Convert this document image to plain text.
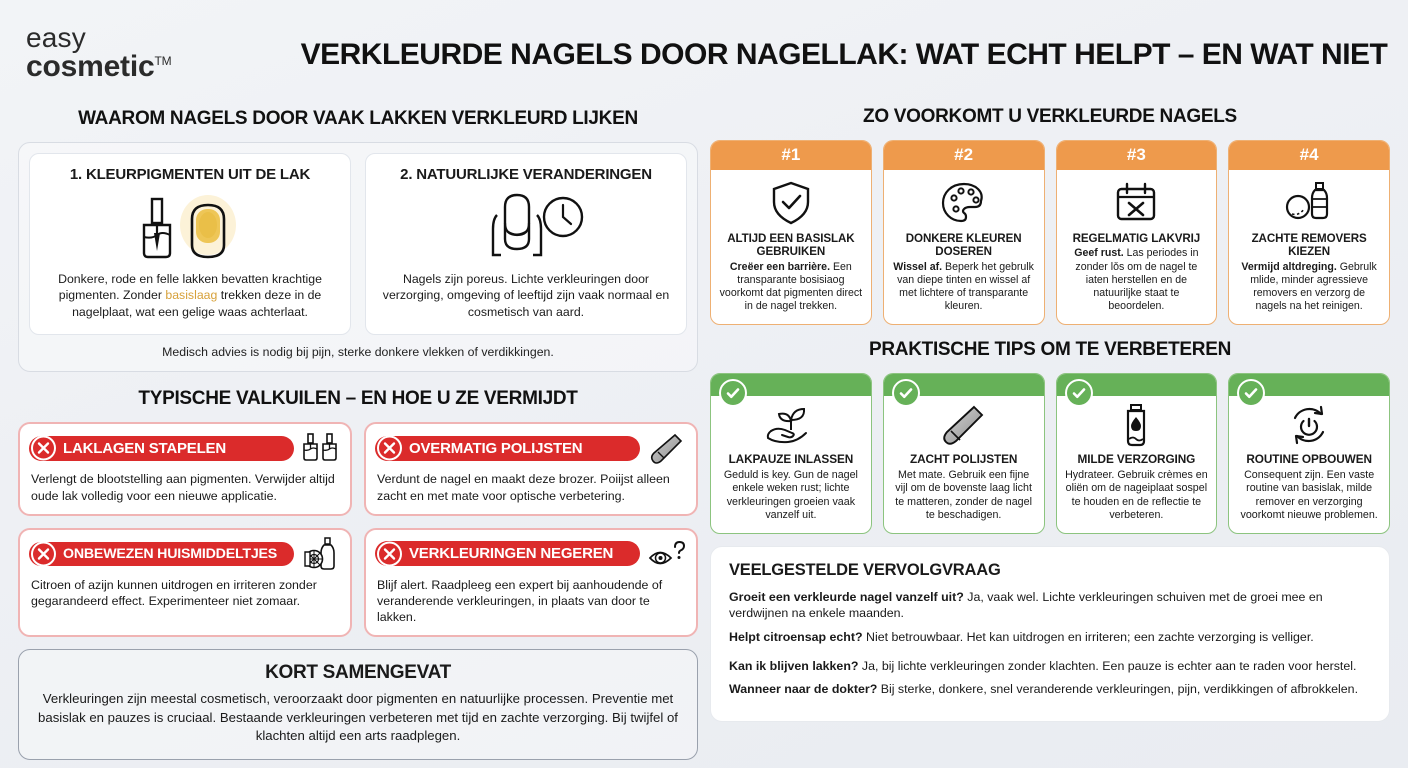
easy
cosmetic™	VERKLEURDE NAGELS DOOR NAGELLAK: WAT ECHT HELPT – EN WAT NIET
WAAROM NAGELS DOOR VAAK LAKKEN VERKLEURD LIJKEN
1. KLEURPIGMENTEN UIT DE LAK

Donkere, rode en felle lakken bevatten krachtige pigmenten. Zonder basislaag trekken deze in de nagelplaat, wat een gelige waas achterlaat.

2. NATUURLIJKE VERANDERINGEN

Nagels zijn poreus. Lichte verkleuringen door verzorging, omgeving of leeftijd zijn vaak normaal en cosmetisch van aard.

Medisch advies is nodig bij pijn, sterke donkere vlekken of verdikkingen.
TYPISCHE VALKUILEN – EN HOE U ZE VERMIJDT
LAKLAGEN STAPELEN

Verlengt de blootstelling aan pigmenten. Verwijder altijd oude lak volledig voor een nieuwe applicatie.

OVERMATIG POLIJSTEN

Verdunt de nagel en maakt deze brozer. Poiijst alleen zacht en met mate voor optische verbetering.

ONBEWEZEN HUISMIDDELTJES

Citroen of azijn kunnen uitdrogen en irriteren zonder gegarandeerd effect. Experimenteer niet zomaar.

VERKLEURINGEN NEGEREN

Blijf alert. Raadpleeg een expert bij aanhoudende of veranderende verkleuringen, in plaats van door te lakken.

KORT SAMENGEVAT

Verkleuringen zijn meestal cosmetisch, veroorzaakt door pigmenten en natuurlijke processen. Preventie met basislak en pauzes is cruciaal. Bestaande verkleuringen verbeteren met tijd en zachte verzorging. Bij twijfel of klachten altijd een arts raadplegen.

ZO VOORKOMT U VERKLEURDE NAGELS
#1
ALTIJD EEN BASISLAK GEBRUIKEN

Creëer een barrière. Een transparante bosisiaog voorkomt dat pigmenten direct in de nagel trekken.

#2
DONKERE KLEUREN DOSEREN

Wissel af. Beperk het gebrulk van diepe tinten en wissel af met lichtere of transparante kleuren.

#3
REGELMATIG LAKVRIJ

Geef rust. Las periodes in zonder lǒs om de nagel te iaten herstellen en de natuuriljke staat te beoordelen.

#4
ZACHTE REMOVERS KIEZEN

Vermijd altdreging. Gebrulk mlide, minder agressieve removers en verzorg de nagels na het reinigen.

PRAKTISCHE TIPS OM TE VERBETEREN
LAKPAUZE INLASSEN

Geduld is key. Gun de nagel enkele weken rust; lichte verkleuringen groeien vaak vanzelf uit.

ZACHT POLIJSTEN

Met mate. Gebruik een fijne vijl om de bovenste laag licht te matteren, zonder de nagel te beschadigen.

MILDE VERZORGING

Hydrateer. Gebruik crèmes en oliën om de nageiplaat sospel te houden en de reflectie te verbeteren.

ROUTINE OPBOUWEN

Consequent zijn. Een vaste routine van basislak, milde remover en verzorging voorkomt nieuwe problemen.

VEELGESTELDE VERVOLGVRAAG

Groeit een verkleurde nagel vanzelf uit? Ja, vaak wel. Lichte verkleuringen schuiven met de groei mee en verdwijnen na enkele maanden.

Helpt citroensap echt? Niet betrouwbaar. Het kan uitdrogen en irriteren; een zachte verzorging is velliger.

Kan ik blijven lakken? Ja, bij lichte verkleuringen zonder klachten. Een pauze is echter aan te raden voor herstel.

Wanneer naar de dokter? Bij sterke, donkere, snel veranderende verkleuringen, pijn, verdikkingen of afbrokkelen.
